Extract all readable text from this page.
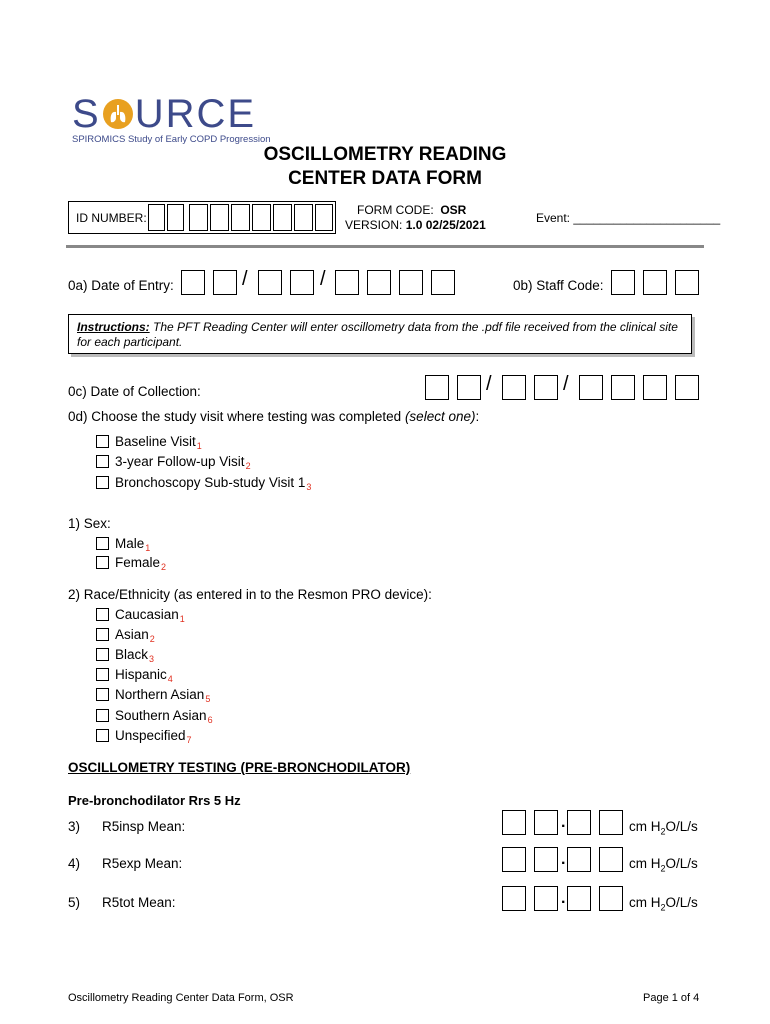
S URCE
SPIROMICS Study of Early COPD Progression
OSCILLOMETRY READING
CENTER DATA FORM
ID NUMBER:
FORM CODE: OSR
VERSION: 1.0 02/25/2021	Event: ______________________
0a) Date of Entry:	/	/	0b) Staff Code:
Instructions: The PFT Reading Center will enter oscillometry data from the .pdf file received from the clinical site for each participant.
0c) Date of Collection:	/	/
0d) Choose the study visit where testing was completed (select one):
Baseline Visit$_1$
3-year Follow-up Visit$_2$
Bronchoscopy Sub-study Visit $1_3$
1) Sex:
Male$_1$
Female$_2$
2) Race/Ethnicity (as entered in to the Resmon PRO device):
Caucasian$_1$
Asian$_2$
Black$_3$
Hispanic$_4$
Northern Asian$_5$
Southern Asian$_6$
Unspecified$_7$
OSCILLOMETRY TESTING (PRE-BRONCHODILATOR)
Pre-bronchodilator Rrs 5 Hz
3) R5insp Mean:	.	cm $H_2O/L/s$
4) R5exp Mean:	.	cm $H_2O/L/s$
5) R5tot Mean:	.	cm $H_2O/L/s$
Oscillometry Reading Center Data Form, OSR	Page 1 of 4
